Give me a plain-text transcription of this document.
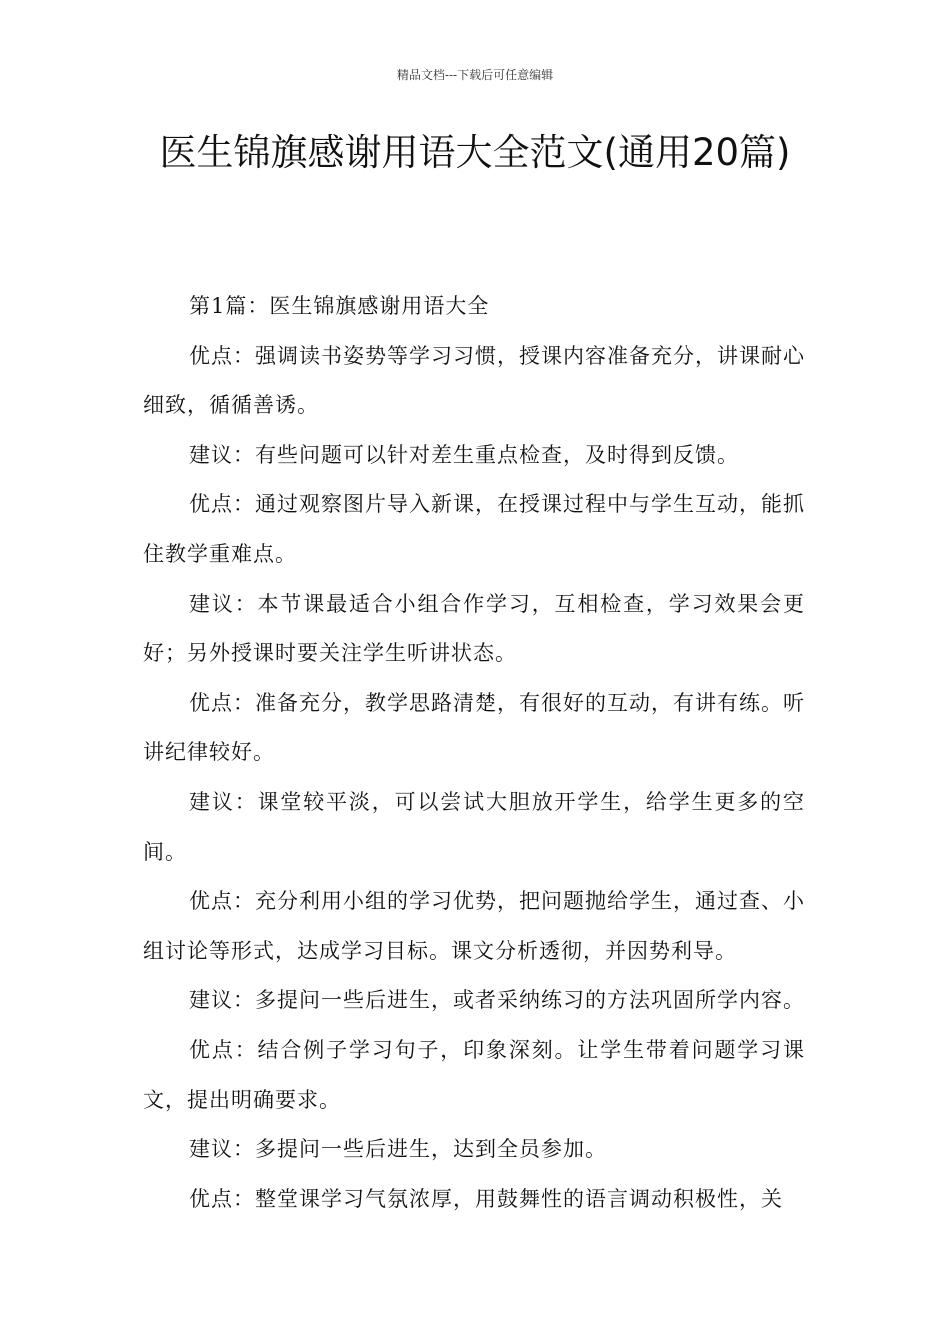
精品文档---下载后可任意编辑
医生锦旗感谢用语大全范文(通用20篇)

第1篇：医生锦旗感谢用语大全

优点：强调读书姿势等学习习惯，授课内容准备充分，讲课耐心细致，循循善诱。

建议：有些问题可以针对差生重点检查，及时得到反馈。

优点：通过观察图片导入新课，在授课过程中与学生互动，能抓住教学重难点。

建议：本节课最适合小组合作学习，互相检查，学习效果会更好；另外授课时要关注学生听讲状态。

优点：准备充分，教学思路清楚，有很好的互动，有讲有练。听讲纪律较好。

建议：课堂较平淡，可以尝试大胆放开学生，给学生更多的空间。

优点：充分利用小组的学习优势，把问题抛给学生，通过查、小组讨论等形式，达成学习目标。课文分析透彻，并因势利导。

建议：多提问一些后进生，或者采纳练习的方法巩固所学内容。

优点：结合例子学习句子，印象深刻。让学生带着问题学习课文，提出明确要求。

建议：多提问一些后进生，达到全员参加。

优点：整堂课学习气氛浓厚，用鼓舞性的语言调动积极性，关
